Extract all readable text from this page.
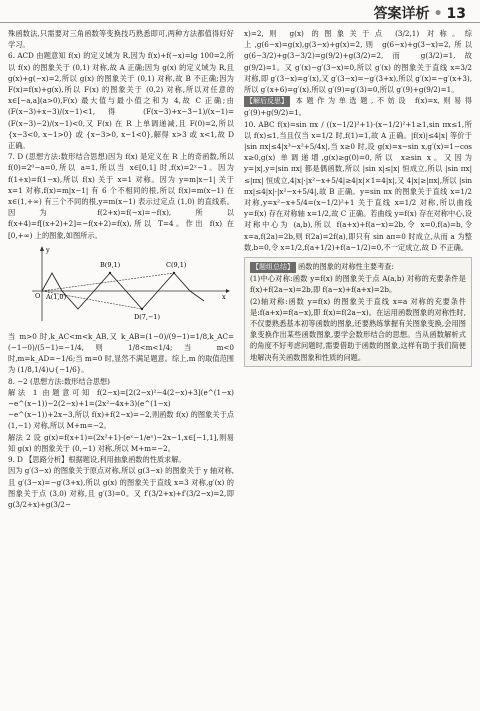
答案详析 • 13

殊函数法,只需要对三角函数等变换技巧熟悉即可,两种方法都值得好好学习。

6. ACD 由题意知 f(x) 的定义域为 R,因为 f(x)+f(−x)=lg 100=2,所以 f(x) 的图象关于 (0,1) 对称,故 A 正确;因为 g(x) 的定义域为 R,且 g(x)+g(−x)=2,所以 g(x) 的图象关于 (0,1) 对称,故 B 不正确;因为 F(x)=f(x)+g(x),所以 F(x) 的图象关于 (0,2) 对称,所以对任意的 x∈[−a,a](a>0),F(x) 最大值与最小值之和为 4,故 C 正确;由 (F(x−3)+x−3)/(x−1)<1,得 (F(x−3)+x−3−1)/(x−1)=(F(x−3)−2)/(x−1)<0,又 F(x) 在 R 上单调递减,且 F(0)=2,所以 {x−3<0, x−1>0} 或 {x−3>0, x−1<0},解得 x>3 或 x<1,故 D 正确。

7. D (思想方法:数形结合思想)因为 f(x) 是定义在 R 上的奇函数,所以 f(0)=2⁰−a=0,所以 a=1,所以当 x∈[0,1] 时,f(x)=2ˣ−1。因为 f(1+x)=f(1−x),所以 f(x) 关于 x=1 对称。因为 y=m|x−1| 关于 x=1 对称,f(x)=m|x−1| 有 6 个不相同的根,所以 f(x)=m(x−1) 在 x∈(1,+∞) 有三个不同的根,y=m(x−1) 表示过定点 (1,0) 的直线系。因为 f(2+x)=f(−x)=−f(x),所以 f(x+4)=f[(x+2)+2]=−f(x+2)=f(x),所以 T=4。作出 f(x) 在 [0,+∞) 上的图象,如图所示。

B(9,1)	C(9,1)
A(1,0)
D(7,−1)
O	x
y

当 m>0 时,k_AC<m<k_AB,又 k_AB=(1−0)/(9−1)=1/8,k_AC=(−1−0)/(5−1)=−1/4,则 1/8<m<1/4;当 m<0 时,m=k_AD=−1/6;当 m=0 时,显然不满足题意。综上,m 的取值范围为 (1/8,1/4)∪{−1/6}。

8. −2 (思想方法:数形结合思想)

解法 1 由题意可知 f(2−x)=[2(2−x)²−4(2−x)+3](e^(1−x)−e^(x−1))−2(2−x)+1=(2x²−4x+3)(e^(1−x)−e^(x−1))+2x−3,所以 f(x)+f(2−x)=−2,则函数 f(x) 的图象关于点 (1,−1) 对称,所以 M+m=−2。

解法 2 设 g(x)=f(x+1)=(2x²+1)·(eˣ−1/eˣ)−2x−1,x∈[−1,1],则易知 g(x) 的图象关于 (0,−1) 对称,所以 M+m=−2。

9. D 【思路分析】根据题设,利用抽象函数的性质求解。

因为 g′(3−x) 的图象关于原点对称,所以 g(3−x) 的图象关于 y 轴对称,且 g′(3−x)=−g′(3+x),所以 g(x) 的图象关于直线 x=3 对称,g′(x) 的图象关于点 (3,0) 对称,且 g′(3)=0。又 f′(3/2+x)+f′(3/2−x)=2,即 g(3/2+x)+g(3/2−

x)=2,则 g(x) 的图象关于点 (3/2,1) 对称。综上,g(6−x)=g(x),g(3−x)+g(x)=2,则 g(6−x)+g(3−x)=2,所以 g(6−3/2)+g(3−3/2)=g(9/2)+g(3/2)=2,而 g(3/2)=1,故 g(9/2)=1。又 g′(x)−g′(3−x)=0,所以 g′(x) 的图象关于直线 x=3/2 对称,即 g′(3−x)=g′(x),又 g′(3−x)=−g′(3+x),所以 g′(x)=−g′(x+3),所以 g′(x+6)=g′(x),所以 g′(9)=g′(3)=0,所以 g′(9)+g(9/2)=1。

【解后反思】 本题作为单选题,不妨设 f(x)=x,则易得 g′(9)+g(9/2)=1。

10. ABC f(x)=sin πx / ((x−1/2)²+1)·(x−1/2)²+1≥1,sin πx≤1,所以 f(x)≤1,当且仅当 x=1/2 时,f(1)=1,故 A 正确。|f(x)|≤4|x| 等价于 |sin πx|≤4|x³−x²+5/4x|,当 x≥0 时,设 g(x)=x−sin x,g′(x)=1−cos x≥0,g(x) 单调递增,g(x)≥g(0)=0,所以 x≥sin x。又因为 y=|x|,y=|sin πx| 都是偶函数,所以 |sin x|≤|x| 恒成立,所以 |sin πx|≤|πx| 恒成立,4|x|·|x²−x+5/4|≥4|x|×1=4|x|,又 4|x|≥|πx|,所以 |sin πx|≤4|x|·|x²−x+5/4|,故 B 正确。y=sin πx 的图象关于直线 x=1/2 对称,y=x²−x+5/4=(x−1/2)²+1 关于直线 x=1/2 对称,所以曲线 y=f(x) 存在对称轴 x=1/2,故 C 正确。若曲线 y=f(x) 存在对称中心,设对称中心为 (a,b),所以 f(a+x)+f(a−x)=2b,令 x=0,f(a)=b,令 x=a,f(2a)=2b,则 f(2a)=2f(a),即只有 sin aπ=0 时成立,从而 a 为整数,b=0,令 x=1/2,f(a+1/2)+f(a−1/2)=0,不一定成立,故 D 不正确。

【题组总结】 函数的图象的对称性主要考查:

(1)中心对称:函数 y=f(x) 的图象关于点 A(a,b) 对称的充要条件是 f(x)+f(2a−x)=2b,即 f(a−x)+f(a+x)=2b。

(2)轴对称:函数 y=f(x) 的图象关于直线 x=a 对称的充要条件是:f(a+x)=f(a−x),即 f(x)=f(2a−x)。在运用函数图象的对称性时,不仅要熟悉基本初等函数的图象,还要熟练掌握有关图象变换,会用图象变换作出某些函数图象,要学会数形结合的思想。当从函数解析式的角度不好考虑问题时,需要借助于函数的图象,这样有助于我们简便地解决有关函数图象和性质的问题。
